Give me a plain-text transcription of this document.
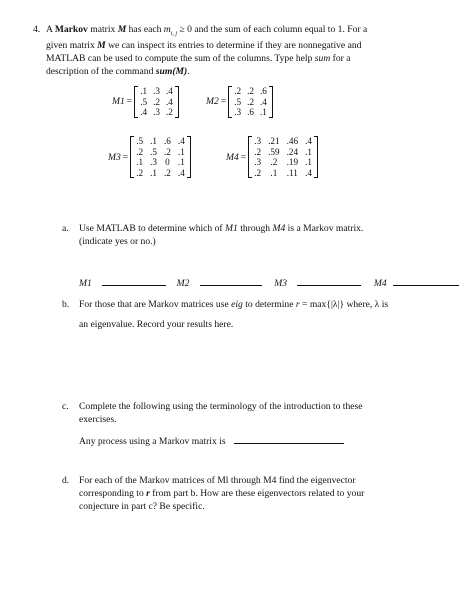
4. A Markov matrix M has each $m_{i, j} \ge 0$ and the sum of each column equal to 1. For a
given matrix M we can inspect its entries to determine if they are nonnegative and
MATLAB can be used to compute the sum of the columns. Type help sum for a
description of the command sum(M).
M1 =
.1 .3 .4
.5 .2 .4
.4 .3 .2
M2 =
.2 .2 .6
.5 .2 .4
.3 .6 .1
M3 =
.5 .1 .6 .4
.2 .5 .2 .1
.1 .3 0 .1
.2 .1 .2 .4
M4 =
.3 .21 .46 .4
.2 .59 .24 .1
.3 .2 .19 .1
.2 .1 .11 .4
a. Use MATLAB to determine which of M1 through M4 is a Markov matrix.
(indicate yes or no.)
M1	M2	M3	M4
b. For those that are Markov matrices use eig to determine r = max{|λ|} where, λ is
an eigenvalue. Record your results here.
c. Complete the following using the terminology of the introduction to these
exercises.
Any process using a Markov matrix is
d. For each of the Markov matrices of Ml through M4 find the eigenvector
corresponding to r from part b. How are these eigenvectors related to your
conjecture in part c? Be specific.
